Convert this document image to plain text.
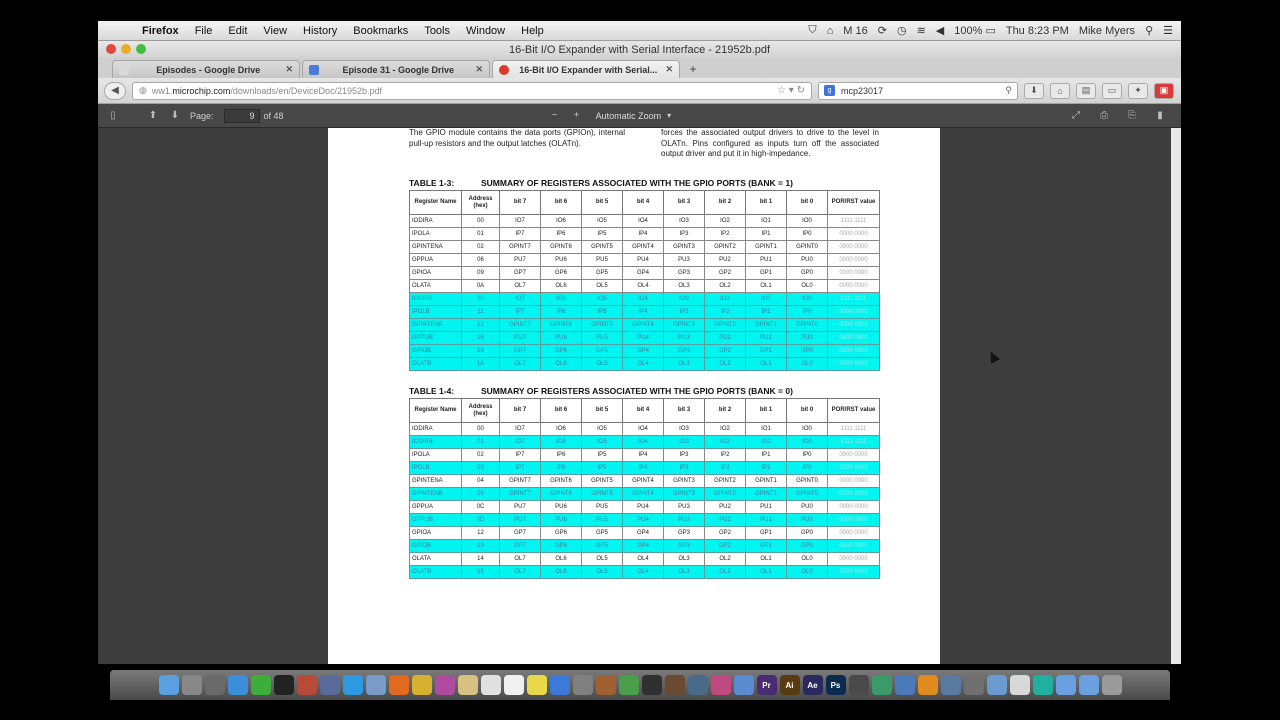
Firefox	File	Edit	View	History	Bookmarks	Tools	Window	Help	⛉ ⌂ M 16 ⟳ ◷ ≋ ◀ 100% ▭ Thu 8:23 PM Mike Myers ⚲ ☰
16-Bit I/O Expander with Serial Interface - 21952b.pdf
Episodes - Google Drive	✕	Episode 31 - Google Drive	✕	16-Bit I/O Expander with Serial... ✕	+
◀	◍ ww1. microchip.com /downloads/en/DeviceDoc/21952b.pdf	☆ ▾ ↻	g	mcp23017	⚲	⬇	⌂	▤	▭	✦	▣
▯	⬆	⬇	Page:	9	of 48	−	+	Automatic Zoom ▾	⤢	⎙	⎘	▮
The GPIO module contains the data ports (GPIOn), internal pull-up resistors and the output latches (OLATn).
forces the associated output drivers to drive to the level in OLATn. Pins configured as inputs turn off the associated output driver and put it in high-impedance.
TABLE 1-3:	SUMMARY OF REGISTERS ASSOCIATED WITH THE GPIO PORTS (BANK = 1)
Register Name	Address (hex)	bit 7	bit 6	bit 5	bit 4	bit 3	bit 2	bit 1	bit 0	POR/RST value
IODIRA	00	IO7	IO6	IO5	IO4	IO3	IO2	IO1	IO0	1111 1111
IPOLA	01	IP7	IP6	IP5	IP4	IP3	IP2	IP1	IP0	0000 0000
GPINTENA	02	GPINT7	GPINT6	GPINT5	GPINT4	GPINT3	GPINT2	GPINT1	GPINT0	0000 0000
GPPUA	06	PU7	PU6	PU5	PU4	PU3	PU2	PU1	PU0	0000 0000
GPIOA	09	GP7	GP6	GP5	GP4	GP3	GP2	GP1	GP0	0000 0000
OLATA	0A	OL7	OL6	OL5	OL4	OL3	OL2	OL1	OL0	0000 0000
IODIRB	10	IO7	IO6	IO5	IO4	IO3	IO2	IO1	IO0	1111 1111
IPOLB	11	IP7	IP6	IP5	IP4	IP3	IP2	IP1	IP0	0000 0000
GPINTENB	12	GPINT7	GPINT6	GPINT5	GPINT4	GPINT3	GPINT2	GPINT1	GPINT0	0000 0000
GPPUB	16	PU7	PU6	PU5	PU4	PU3	PU2	PU1	PU0	0000 0000
GPIOB	19	GP7	GP6	GP5	GP4	GP3	GP2	GP1	GP0	0000 0000
OLATB	1A	OL7	OL6	OL5	OL4	OL3	OL2	OL1	OL0	0000 0000
TABLE 1-4:	SUMMARY OF REGISTERS ASSOCIATED WITH THE GPIO PORTS (BANK = 0)
Register Name	Address (hex)	bit 7	bit 6	bit 5	bit 4	bit 3	bit 2	bit 1	bit 0	POR/RST value
IODIRA	00	IO7	IO6	IO5	IO4	IO3	IO2	IO1	IO0	1111 1111
IODIRB	01	IO7	IO6	IO5	IO4	IO3	IO2	IO1	IO0	1111 1111
IPOLA	02	IP7	IP6	IP5	IP4	IP3	IP2	IP1	IP0	0000 0000
IPOLB	03	IP7	IP6	IP5	IP4	IP3	IP2	IP1	IP0	0000 0000
GPINTENA	04	GPINT7	GPINT6	GPINT5	GPINT4	GPINT3	GPINT2	GPINT1	GPINT0	0000 0000
GPINTENB	05	GPINT7	GPINT6	GPINT5	GPINT4	GPINT3	GPINT2	GPINT1	GPINT0	0000 0000
GPPUA	0C	PU7	PU6	PU5	PU4	PU3	PU2	PU1	PU0	0000 0000
GPPUB	0D	PU7	PU6	PU5	PU4	PU3	PU2	PU1	PU0	0000 0000
GPIOA	12	GP7	GP6	GP5	GP4	GP3	GP2	GP1	GP0	0000 0000
GPIOB	13	GP7	GP6	GP5	GP4	GP3	GP2	GP1	GP0	0000 0000
OLATA	14	OL7	OL6	OL5	OL4	OL3	OL2	OL1	OL0	0000 0000
OLATB	15	OL7	OL6	OL5	OL4	OL3	OL2	OL1	OL0	0000 0000
Pr	Ai	Ae	Ps
